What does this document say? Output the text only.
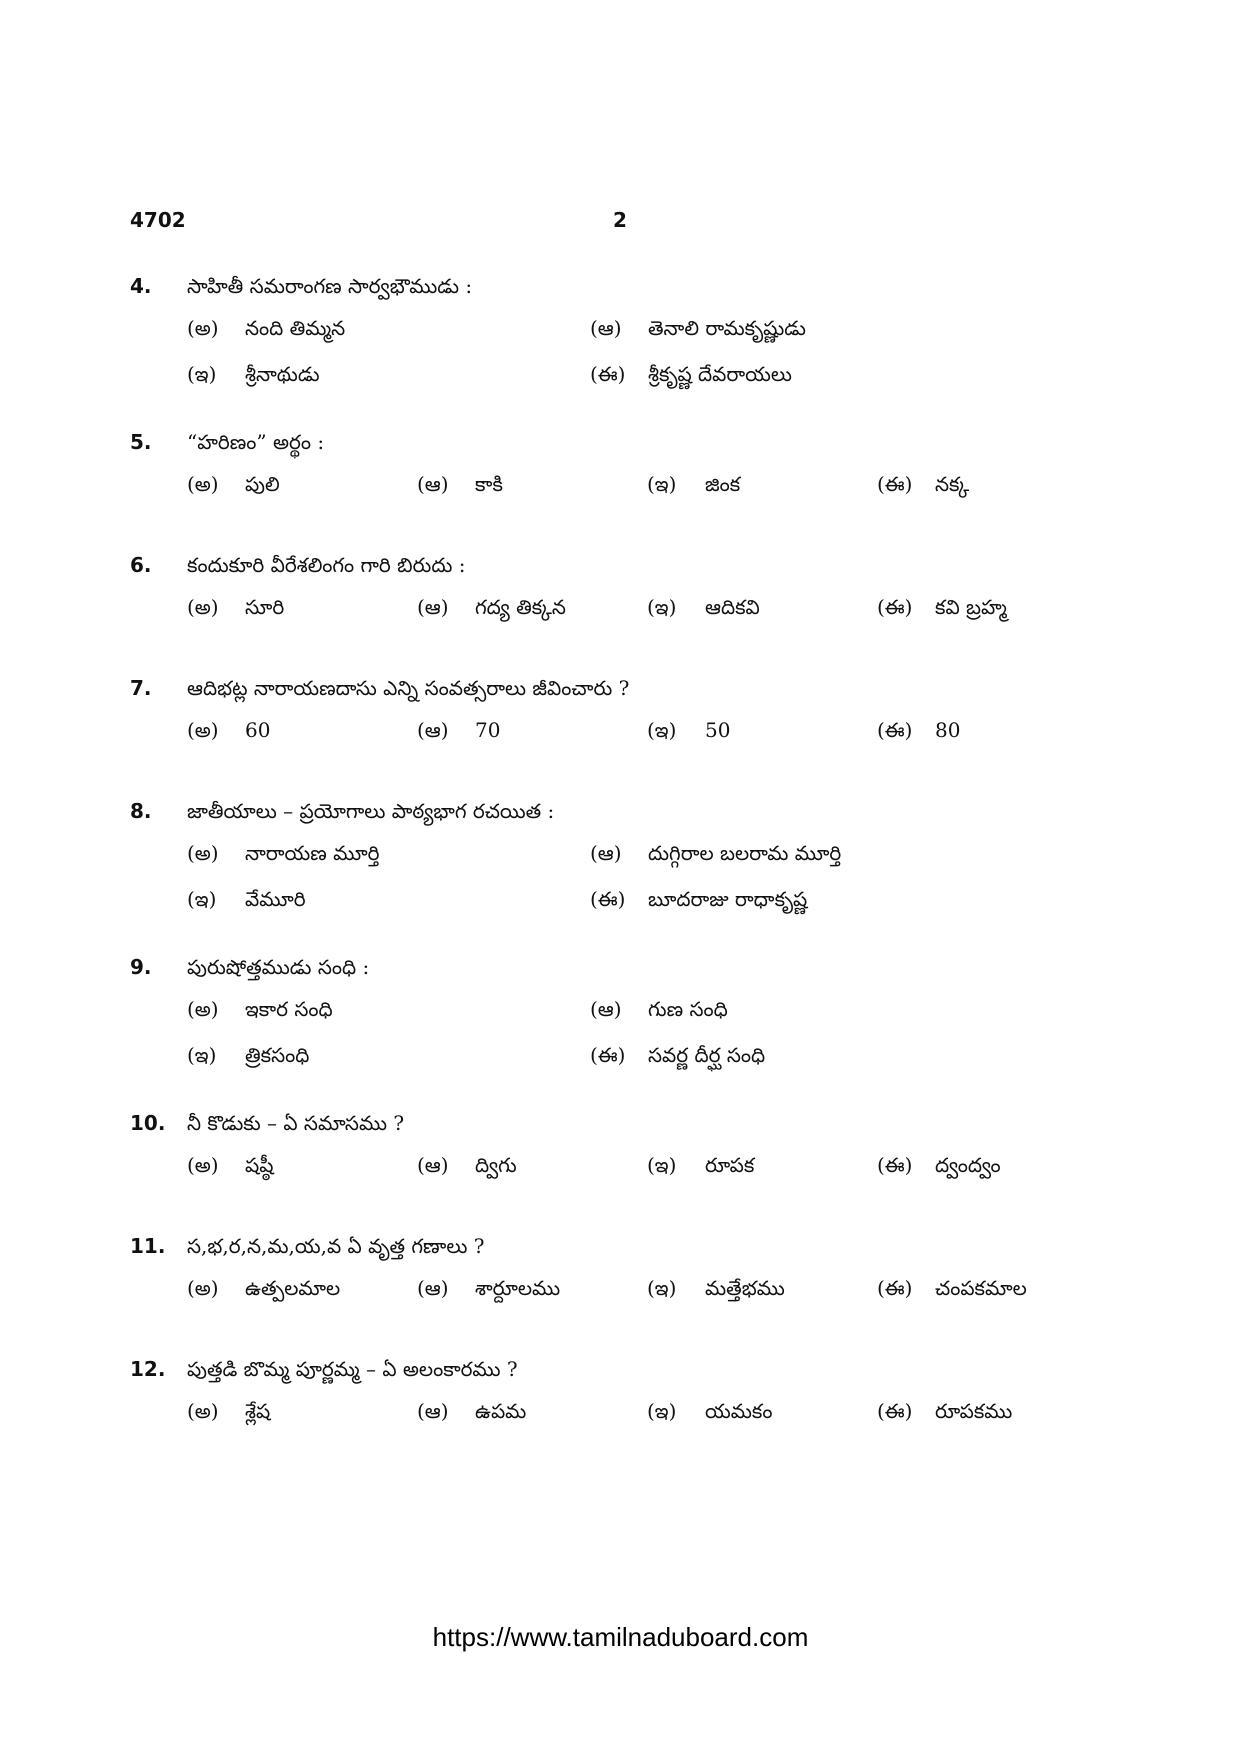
4702	2
4. సాహితీ సమరాంగణ సార్వభౌముడు :
(అ) నంది తిమ్మన	(ఆ) తెనాలి రామకృష్ణుడు
(ఇ) శ్రీనాథుడు	(ఈ) శ్రీకృష్ణ దేవరాయలు
5. “హరిణం” అర్థం :
(అ) పులి	(ఆ) కాకి	(ఇ) జింక	(ఈ) నక్క
6. కందుకూరి వీరేశలింగం గారి బిరుదు :
(అ) సూరి	(ఆ) గద్య తిక్కన	(ఇ) ఆదికవి	(ఈ) కవి బ్రహ్మ
7. ఆదిభట్ల నారాయణదాసు ఎన్ని సంవత్సరాలు జీవించారు ?
(అ) 60	(ఆ) 70	(ఇ) 50	(ఈ) 80
8. జాతీయాలు – ప్రయోగాలు పాఠ్యభాగ రచయిత :
(అ) నారాయణ మూర్తి	(ఆ) దుగ్గిరాల బలరామ మూర్తి
(ఇ) వేమూరి	(ఈ) బూదరాజు రాధాకృష్ణ
9. పురుషోత్తముడు సంధి :
(అ) ఇకార సంధి	(ఆ) గుణ సంధి
(ఇ) త్రికసంధి	(ఈ) సవర్ణ దీర్ఘ సంధి
10. నీ కొడుకు – ఏ సమాసము ?
(అ) షష్ఠీ	(ఆ) ద్విగు	(ఇ) రూపక	(ఈ) ద్వంద్వం
11. స,భ,ర,న,మ,య,వ ఏ వృత్త గణాలు ?
(అ) ఉత్పలమాల	(ఆ) శార్దూలము	(ఇ) మత్తేభము	(ఈ) చంపకమాల
12. పుత్తడి బొమ్మ పూర్ణమ్మ – ఏ అలంకారము ?
(అ) శ్లేష	(ఆ) ఉపమ	(ఇ) యమకం	(ఈ) రూపకము
https://www.tamilnaduboard.com
